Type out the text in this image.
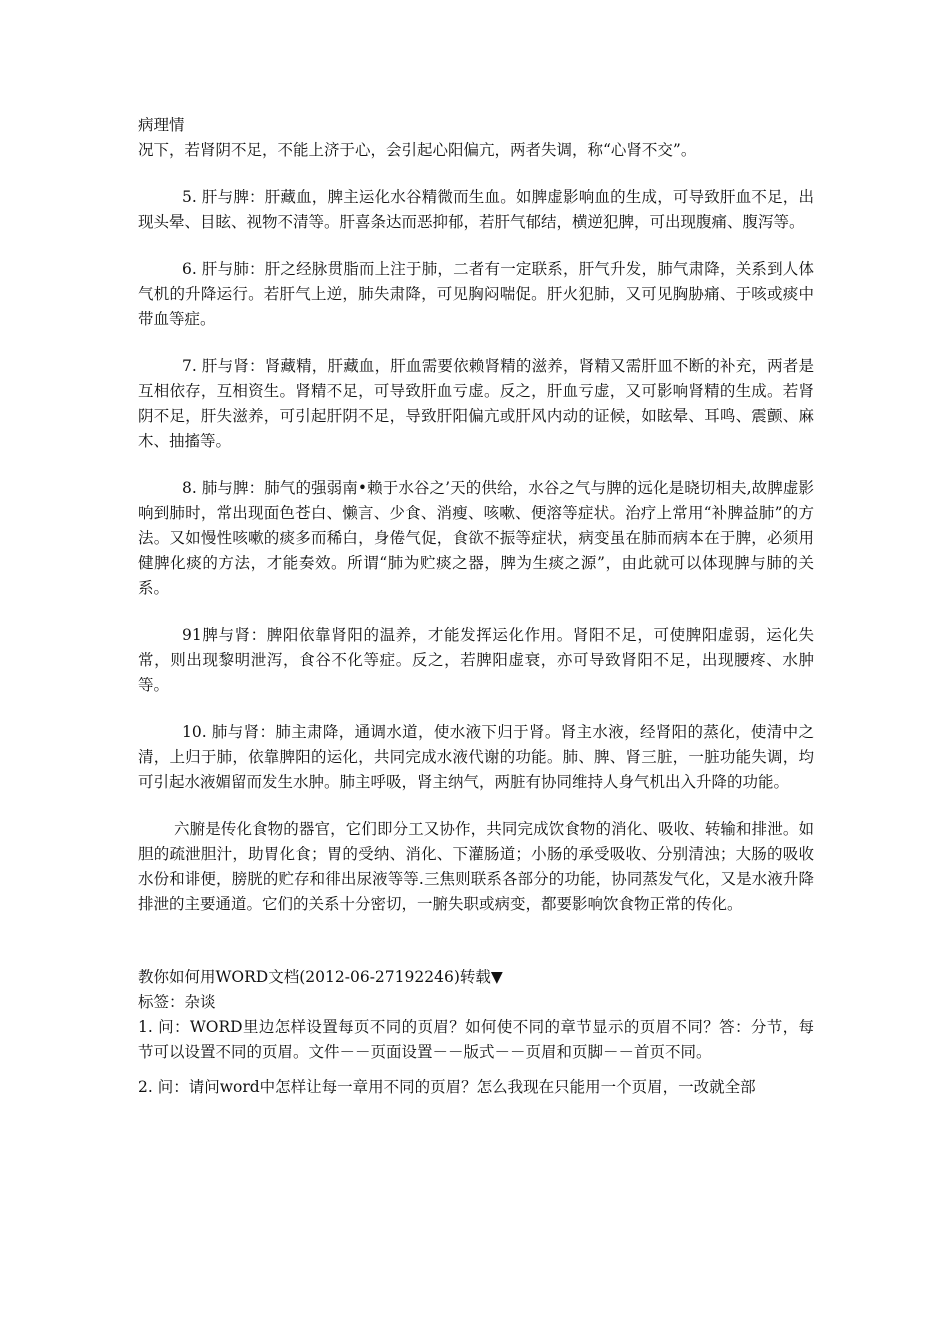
病理情

况下，若肾阴不足，不能上济于心，会引起心阳偏亢，两者失调，称“心肾不交”。

5. 肝与脾：肝藏血，脾主运化水谷精微而生血。如脾虚影响血的生成，可导致肝血不足，出现头晕、目眩、视物不清等。肝喜条达而恶抑郁，若肝气郁结，横逆犯脾，可出现腹痛、腹泻等。

6. 肝与肺：肝之经脉贯脂而上注于肺，二者有一定联系，肝气升发，肺气肃降，关系到人体气机的升降运行。若肝气上逆，肺失肃降，可见胸闷喘促。肝火犯肺，又可见胸胁痛、于咳或痰中带血等症。

7. 肝与肾：肾藏精，肝藏血，肝血需要依赖肾精的滋养，肾精又需肝皿不断的补充，两者是互相依存，互相资生。肾精不足，可导致肝血亏虚。反之，肝血亏虚，又可影响肾精的生成。若肾阴不足，肝失滋养，可引起肝阴不足，导致肝阳偏亢或肝风内动的证候，如眩晕、耳鸣、震颤、麻木、抽搐等。

8. 肺与脾：肺气的强弱南•赖于水谷之’天的供给，水谷之气与脾的远化是晓切相夫,故脾虚影响到肺时，常出现面色苍白、懒言、少食、消瘦、咳嗽、便溶等症状。治疗上常用“补脾益肺”的方法。又如慢性咳嗽的痰多而稀白，身倦气促，食欲不振等症状，病变虽在肺而病本在于脾，必须用健脾化痰的方法，才能奏效。所谓“肺为贮痰之器，脾为生痰之源”，由此就可以体现脾与肺的关系。

91脾与肾：脾阳依靠肾阳的温养，才能发挥运化作用。肾阳不足，可使脾阳虚弱，运化失常，则出现黎明泄泻，食谷不化等症。反之，若脾阳虚衰，亦可导致肾阳不足，出现腰疼、水肿等。

10. 肺与肾：肺主肃降，通调水道，使水液下归于肾。肾主水液，经肾阳的蒸化，使清中之清，上归于肺，依靠脾阳的运化，共同完成水液代谢的功能。肺、脾、肾三脏，一脏功能失调，均可引起水液媚留而发生水肿。肺主呼吸，肾主纳气，两脏有协同维持人身气机出入升降的功能。

六腑是传化食物的器官，它们即分工又协作，共同完成饮食物的消化、吸收、转输和排泄。如胆的疏泄胆汁，助胃化食；胃的受纳、消化、下灌肠道；小肠的承受吸收、分别清浊；大肠的吸收水份和诽便，膀胱的贮存和徘出尿液等等.三焦则联系各部分的功能，协同蒸发气化，又是水液升降排泄的主要通道。它们的关系十分密切，一腑失职或病变，都要影响饮食物正常的传化。

教你如何用WORD文档(2012-06-27192246)转载▼

标签：杂谈

1. 问：WORD里边怎样设置每页不同的页眉？如何使不同的章节显示的页眉不同？答：分节，每节可以设置不同的页眉。文件－－页面设置－－版式－－页眉和页脚－－首页不同。

2. 问：请问word中怎样让每一章用不同的页眉？怎么我现在只能用一个页眉，一改就全部
